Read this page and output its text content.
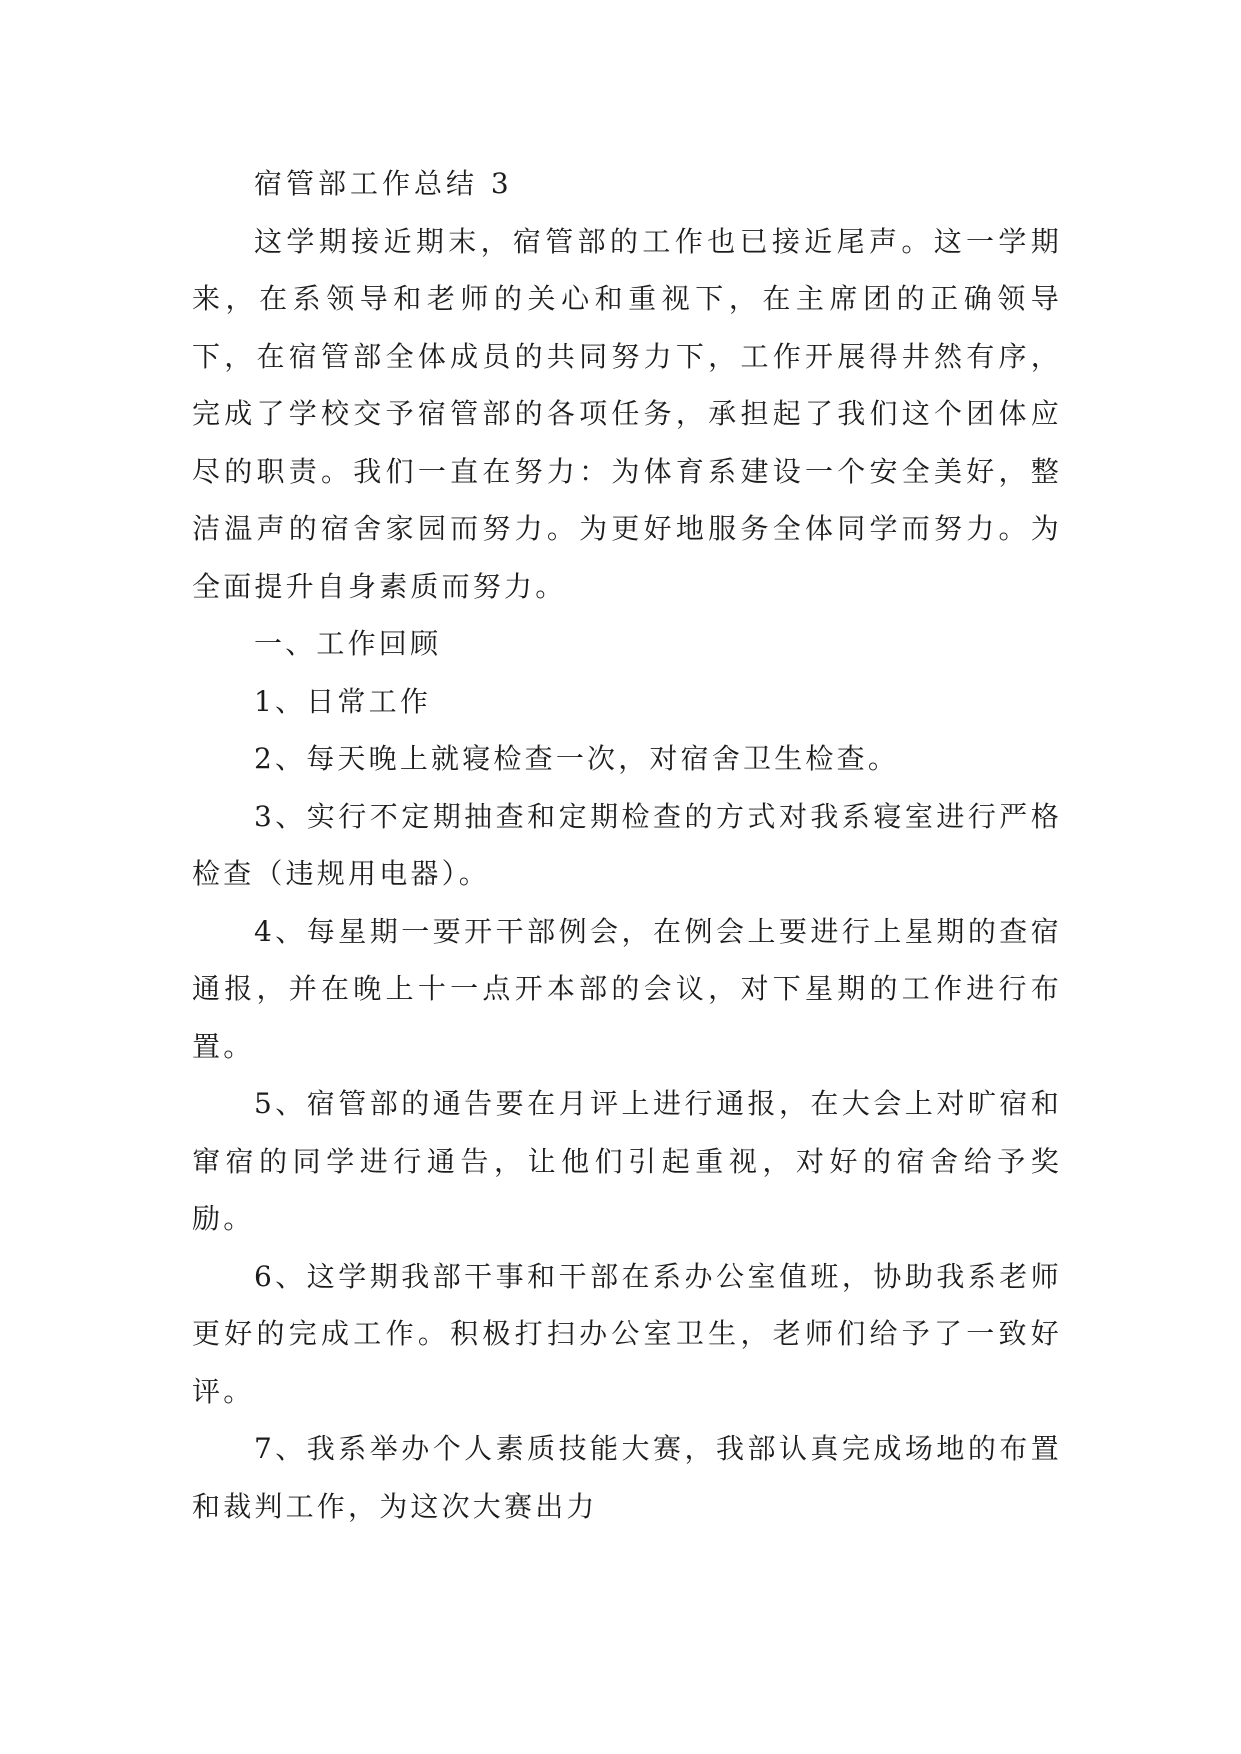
宿管部工作总结 3

这学期接近期末，宿管部的工作也已接近尾声。这一学期来，在系领导和老师的关心和重视下，在主席团的正确领导下，在宿管部全体成员的共同努力下，工作开展得井然有序，完成了学校交予宿管部的各项任务，承担起了我们这个团体应尽的职责。我们一直在努力：为体育系建设一个安全美好，整洁温声的宿舍家园而努力。为更好地服务全体同学而努力。为全面提升自身素质而努力。

一、工作回顾

1、日常工作

2、每天晚上就寝检查一次，对宿舍卫生检查。

3、实行不定期抽查和定期检查的方式对我系寝室进行严格检查（违规用电器）。

4、每星期一要开干部例会，在例会上要进行上星期的查宿通报，并在晚上十一点开本部的会议，对下星期的工作进行布置。

5、宿管部的通告要在月评上进行通报，在大会上对旷宿和窜宿的同学进行通告，让他们引起重视，对好的宿舍给予奖励。

6、这学期我部干事和干部在系办公室值班，协助我系老师更好的完成工作。积极打扫办公室卫生，老师们给予了一致好评。

7、我系举办个人素质技能大赛，我部认真完成场地的布置和裁判工作，为这次大赛出力
